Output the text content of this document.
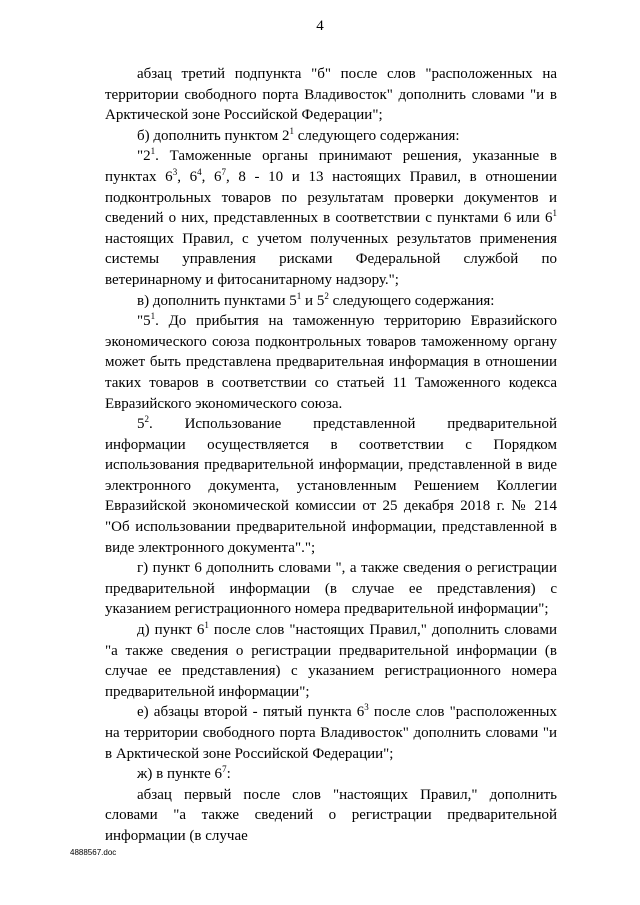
4

абзац третий подпункта "б" после слов "расположенных на территории свободного порта Владивосток" дополнить словами "и в Арктической зоне Российской Федерации";

б) дополнить пунктом $2^1$ следующего содержания:

"$2^1$. Таможенные органы принимают решения, указанные в пунктах $6^3$, $6^4$, $6^7$, 8 - 10 и 13 настоящих Правил, в отношении подконтрольных товаров по результатам проверки документов и сведений о них, представленных в соответствии с пунктами 6 или $6^1$ настоящих Правил, с учетом полученных результатов применения системы управления рисками Федеральной службой по ветеринарному и фитосанитарному надзору.";

в) дополнить пунктами $5^1$ и $5^2$ следующего содержания:

"$5^1$. До прибытия на таможенную территорию Евразийского экономического союза подконтрольных товаров таможенному органу может быть представлена предварительная информация в отношении таких товаров в соответствии со статьей 11 Таможенного кодекса Евразийского экономического союза.

$5^2$. Использование представленной предварительной информации осуществляется в соответствии с Порядком использования предварительной информации, представленной в виде электронного документа, установленным Решением Коллегии Евразийской экономической комиссии от 25 декабря 2018 г. № 214 "Об использовании предварительной информации, представленной в виде электронного документа".";

г) пункт 6 дополнить словами ", а также сведения о регистрации предварительной информации (в случае ее представления) с указанием регистрационного номера предварительной информации";

д) пункт $6^1$ после слов "настоящих Правил," дополнить словами "а также сведения о регистрации предварительной информации (в случае ее представления) с указанием регистрационного номера предварительной информации";

е) абзацы второй - пятый пункта $6^3$ после слов "расположенных на территории свободного порта Владивосток" дополнить словами "и в Арктической зоне Российской Федерации";

ж) в пункте $6^7$:

абзац первый после слов "настоящих Правил," дополнить словами "а также сведений о регистрации предварительной информации (в случае

4888567.doc
